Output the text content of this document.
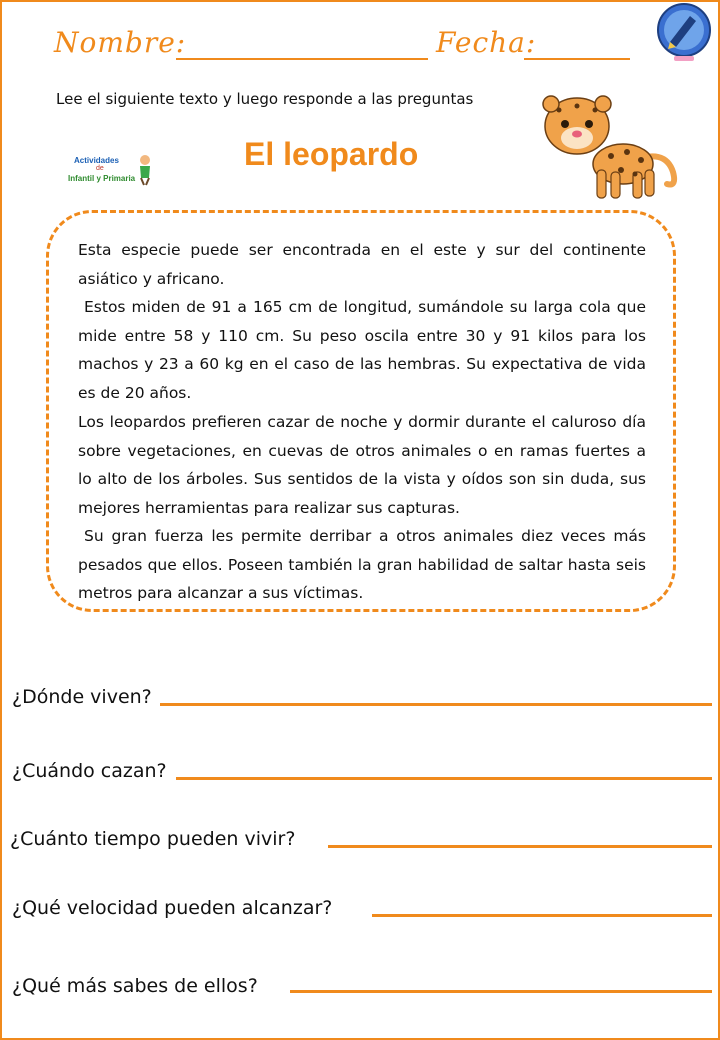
Nombre:	Fecha:
Lee el siguiente texto y luego responde a las preguntas
Actividades
de
Infantil y Primaria
El leopardo

Esta especie puede ser encontrada en el este y sur del continente asiático y africano.

Estos miden de 91 a 165 cm de longitud, sumándole su larga cola que mide entre 58 y 110 cm. Su peso oscila entre 30 y 91 kilos para los machos y 23 a 60 kg en el caso de las hembras. Su expectativa de vida es de 20 años.

Los leopardos prefieren cazar de noche y dormir durante el caluroso día sobre vegetaciones, en cuevas de otros animales o en ramas fuertes a lo alto de los árboles. Sus sentidos de la vista y oídos son sin duda, sus mejores herramientas para realizar sus capturas.

Su gran fuerza les permite derribar a otros animales diez veces más pesados que ellos. Poseen también la gran habilidad de saltar hasta seis metros para alcanzar a sus víctimas.

¿Dónde viven?
¿Cuándo cazan?
¿Cuánto tiempo pueden vivir?
¿Qué velocidad pueden alcanzar?
¿Qué más sabes de ellos?
